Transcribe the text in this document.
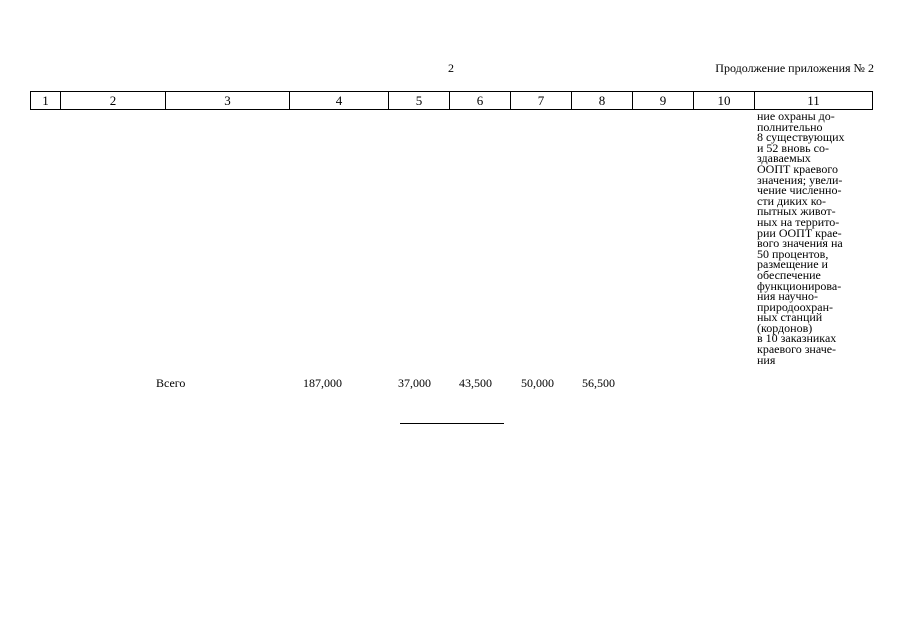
2	Продолжение приложения № 2
1	2	3	4	5	6	7	8	9	10	11
ние охраны до-
полнительно
8 существующих
и 52 вновь со-
здаваемых
ООПТ краевого
значения; увели-
чение численно-
сти диких ко-
пытных живот-
ных на террито-
рии ООПТ крае-
вого значения на
50 процентов,
размещение и
обеспечение
функционирова-
ния научно-
природоохран-
ных станций
(кордонов)
в 10 заказниках
краевого значе-
ния
Всего	187,000	37,000 43,500 50,000 56,500
